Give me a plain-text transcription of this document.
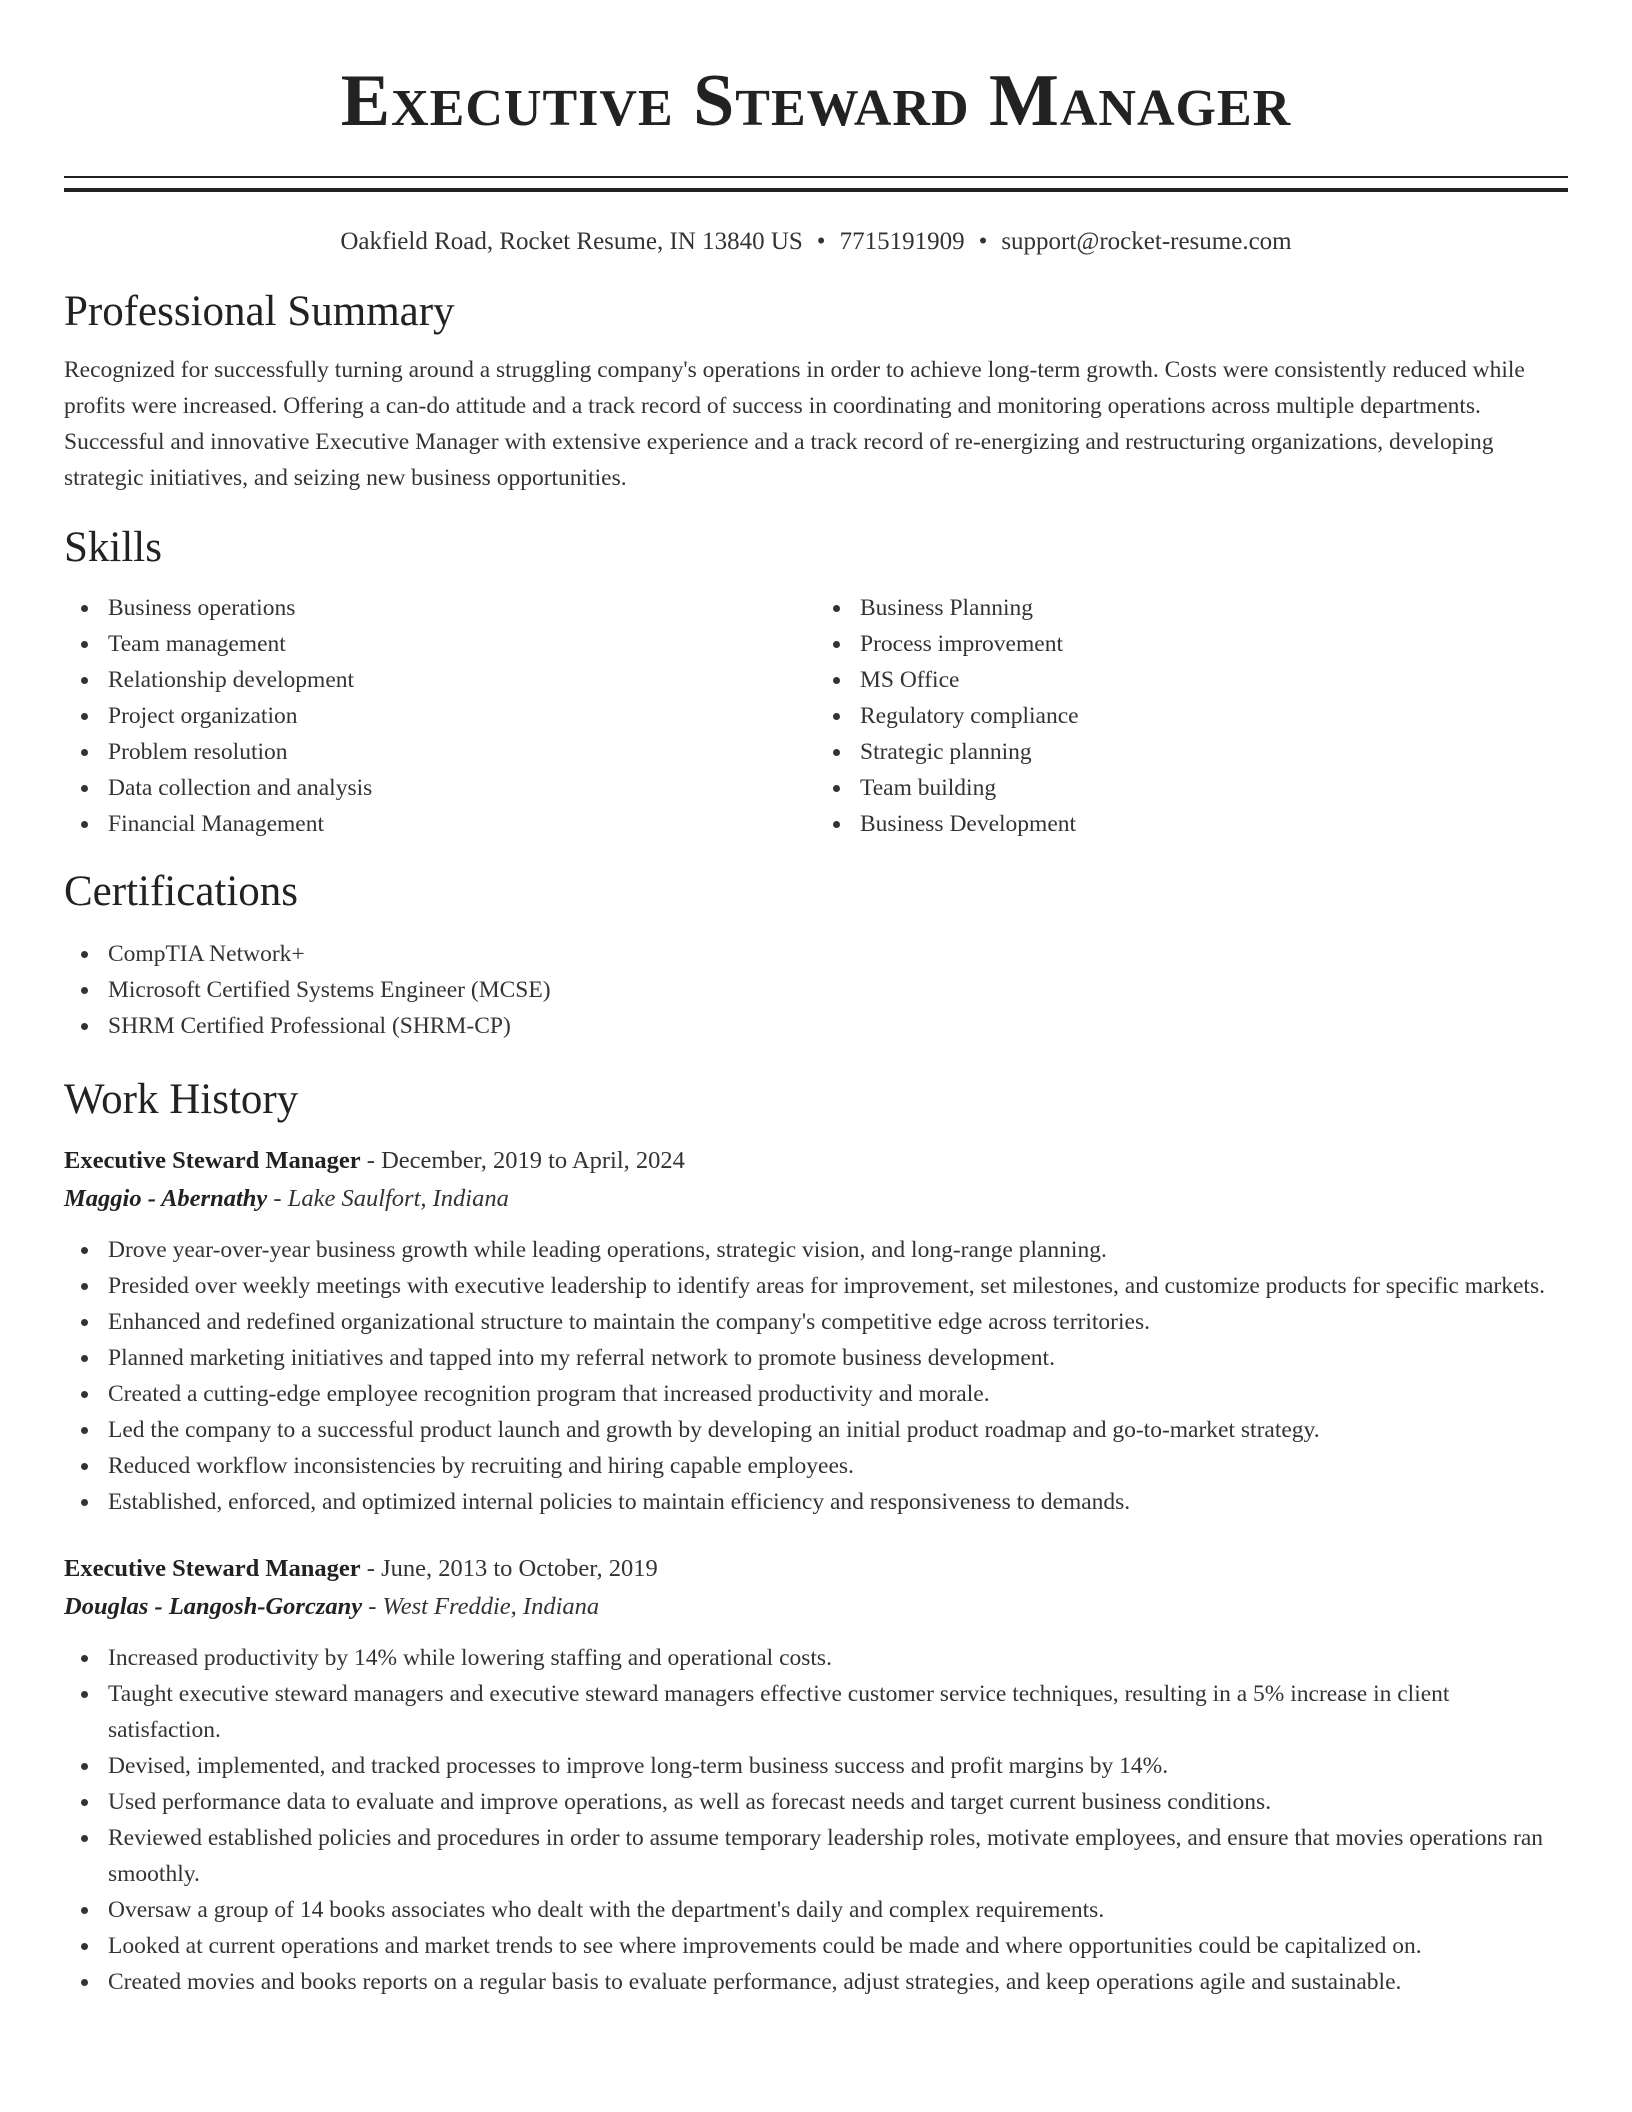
Executive Steward Manager
Oakfield Road, Rocket Resume, IN 13840 US • 7715191909 • support@rocket-resume.com
Professional Summary

Recognized for successfully turning around a struggling company's operations in order to achieve long-term growth. Costs were consistently reduced while profits were increased. Offering a can-do attitude and a track record of success in coordinating and monitoring operations across multiple departments. Successful and innovative Executive Manager with extensive experience and a track record of re-energizing and restructuring organizations, developing strategic initiatives, and seizing new business opportunities.

Skills
Business operations
Team management
Relationship development
Project organization
Problem resolution
Data collection and analysis
Financial Management
Business Planning
Process improvement
MS Office
Regulatory compliance
Strategic planning
Team building
Business Development
Certifications
CompTIA Network+
Microsoft Certified Systems Engineer (MCSE)
SHRM Certified Professional (SHRM-CP)
Work History
Executive Steward Manager - December, 2019 to April, 2024
Maggio - Abernathy - Lake Saulfort, Indiana
Drove year-over-year business growth while leading operations, strategic vision, and long-range planning.
Presided over weekly meetings with executive leadership to identify areas for improvement, set milestones, and customize products for specific markets.
Enhanced and redefined organizational structure to maintain the company's competitive edge across territories.
Planned marketing initiatives and tapped into my referral network to promote business development.
Created a cutting-edge employee recognition program that increased productivity and morale.
Led the company to a successful product launch and growth by developing an initial product roadmap and go-to-market strategy.
Reduced workflow inconsistencies by recruiting and hiring capable employees.
Established, enforced, and optimized internal policies to maintain efficiency and responsiveness to demands.
Executive Steward Manager - June, 2013 to October, 2019
Douglas - Langosh-Gorczany - West Freddie, Indiana
Increased productivity by 14% while lowering staffing and operational costs.
Taught executive steward managers and executive steward managers effective customer service techniques, resulting in a 5% increase in client satisfaction.
Devised, implemented, and tracked processes to improve long-term business success and profit margins by 14%.
Used performance data to evaluate and improve operations, as well as forecast needs and target current business conditions.
Reviewed established policies and procedures in order to assume temporary leadership roles, motivate employees, and ensure that movies operations ran smoothly.
Oversaw a group of 14 books associates who dealt with the department's daily and complex requirements.
Looked at current operations and market trends to see where improvements could be made and where opportunities could be capitalized on.
Created movies and books reports on a regular basis to evaluate performance, adjust strategies, and keep operations agile and sustainable.
